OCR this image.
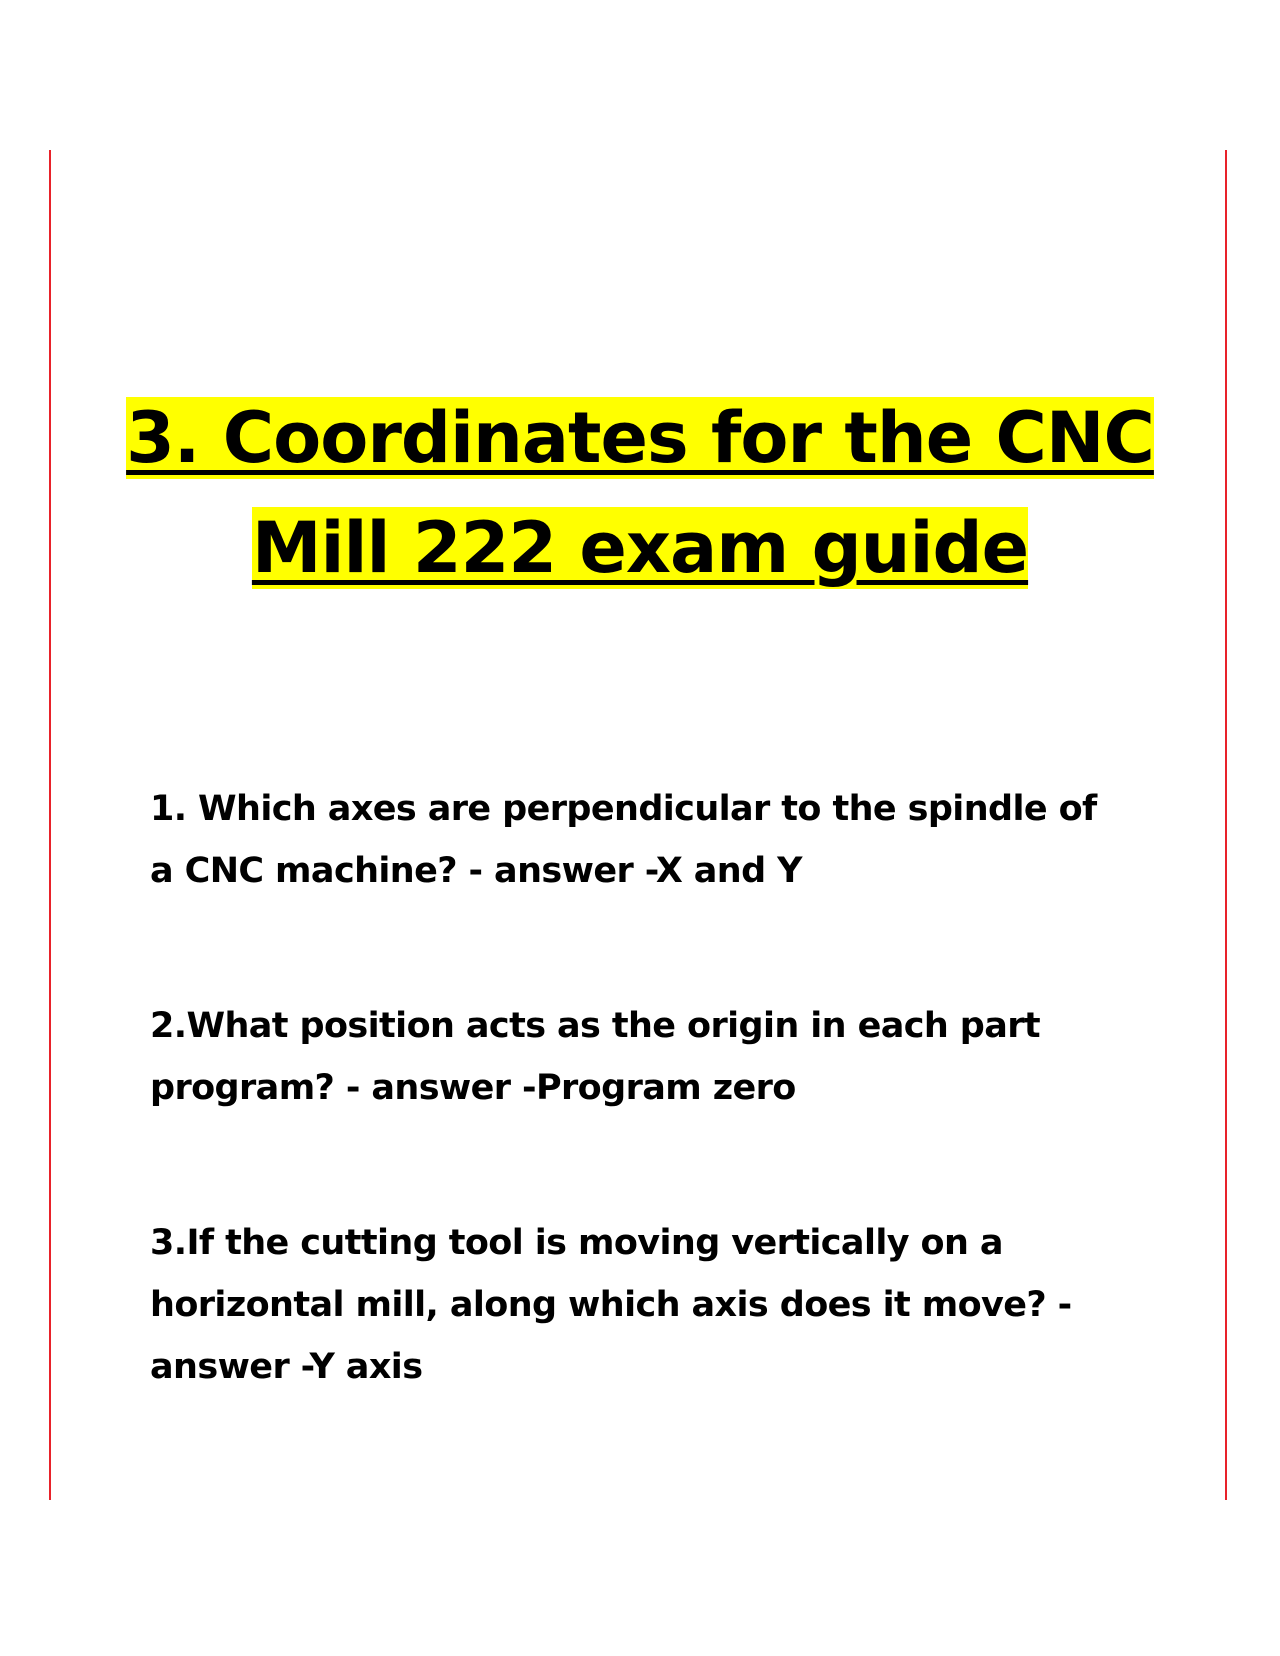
3. Coordinates for the CNC Mill 222 exam guide

1. Which axes are perpendicular to the spindle of a CNC machine? - answer -X and Y

2.What position acts as the origin in each part program? - answer -Program zero

3.If the cutting tool is moving vertically on a horizontal mill, along which axis does it move? - answer -Y axis
